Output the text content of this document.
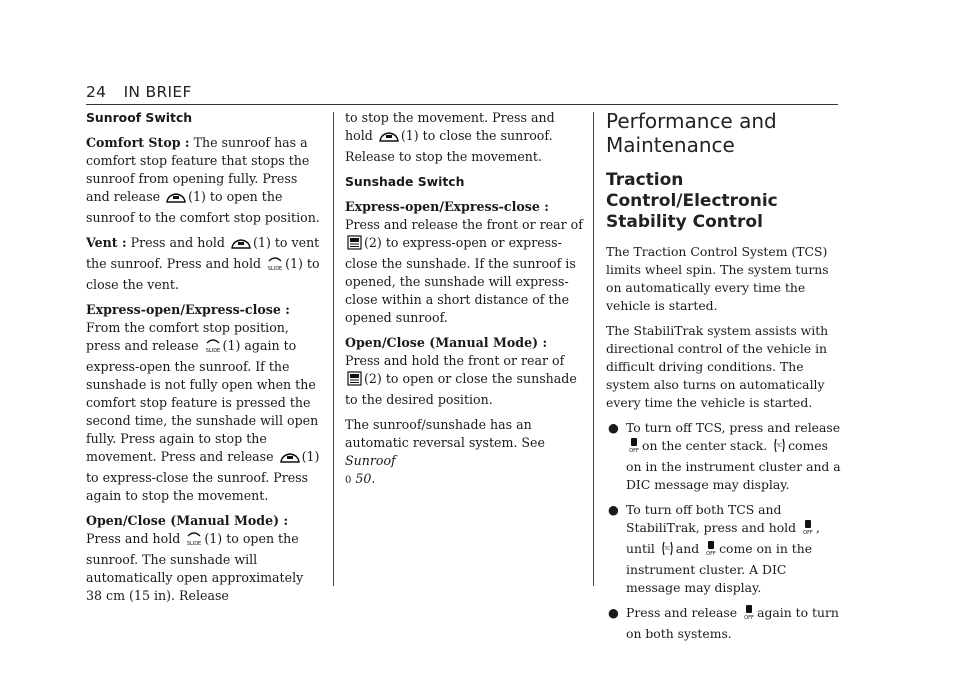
24 IN BRIEF
Sunroof Switch

Comfort Stop : The sunroof has a comfort stop feature that stops the sunroof from opening fully. Press and release (1) to open the sunroof to the comfort stop position.

Vent : Press and hold (1) to vent the sunroof. Press and hold SLIDE (1) to close the vent.

Express-open/Express-close : From the comfort stop position, press and release SLIDE (1) again to express-open the sunroof. If the sunshade is not fully open when the comfort stop feature is pressed the second time, the sunshade will open fully. Press again to stop the movement. Press and release (1) to express-close the sunroof. Press again to stop the movement.

Open/Close (Manual Mode) : Press and hold SLIDE (1) to open the sunroof. The sunshade will automatically open approximately 38 cm (15 in). Release

to stop the movement. Press and hold (1) to close the sunroof. Release to stop the movement.

Sunshade Switch

Express-open/Express-close : Press and release the front or rear of (2) to express-open or express-close the sunshade. If the sunroof is opened, the sunshade will express-close within a short distance of the opened sunroof.

Open/Close (Manual Mode) : Press and hold the front or rear of (2) to open or close the sunshade to the desired position.

The sunroof/sunshade has an automatic reversal system. See Sunroof
0 50.

Performance and Maintenance
Traction Control/Electronic Stability Control

The Traction Control System (TCS) limits wheel spin. The system turns on automatically every time the vehicle is started.

The StabiliTrak system assists with directional control of the vehicle in difficult driving conditions. The system also turns on automatically every time the vehicle is started.

● To turn off TCS, press and release
OFF on the center stack. TC comes on in the instrument cluster and a DIC message may display.
● To turn off both TCS and StabiliTrak, press and hold OFF , until TC and OFF come on in the instrument cluster. A DIC message may display.
● Press and release OFF again to turn on both systems.
